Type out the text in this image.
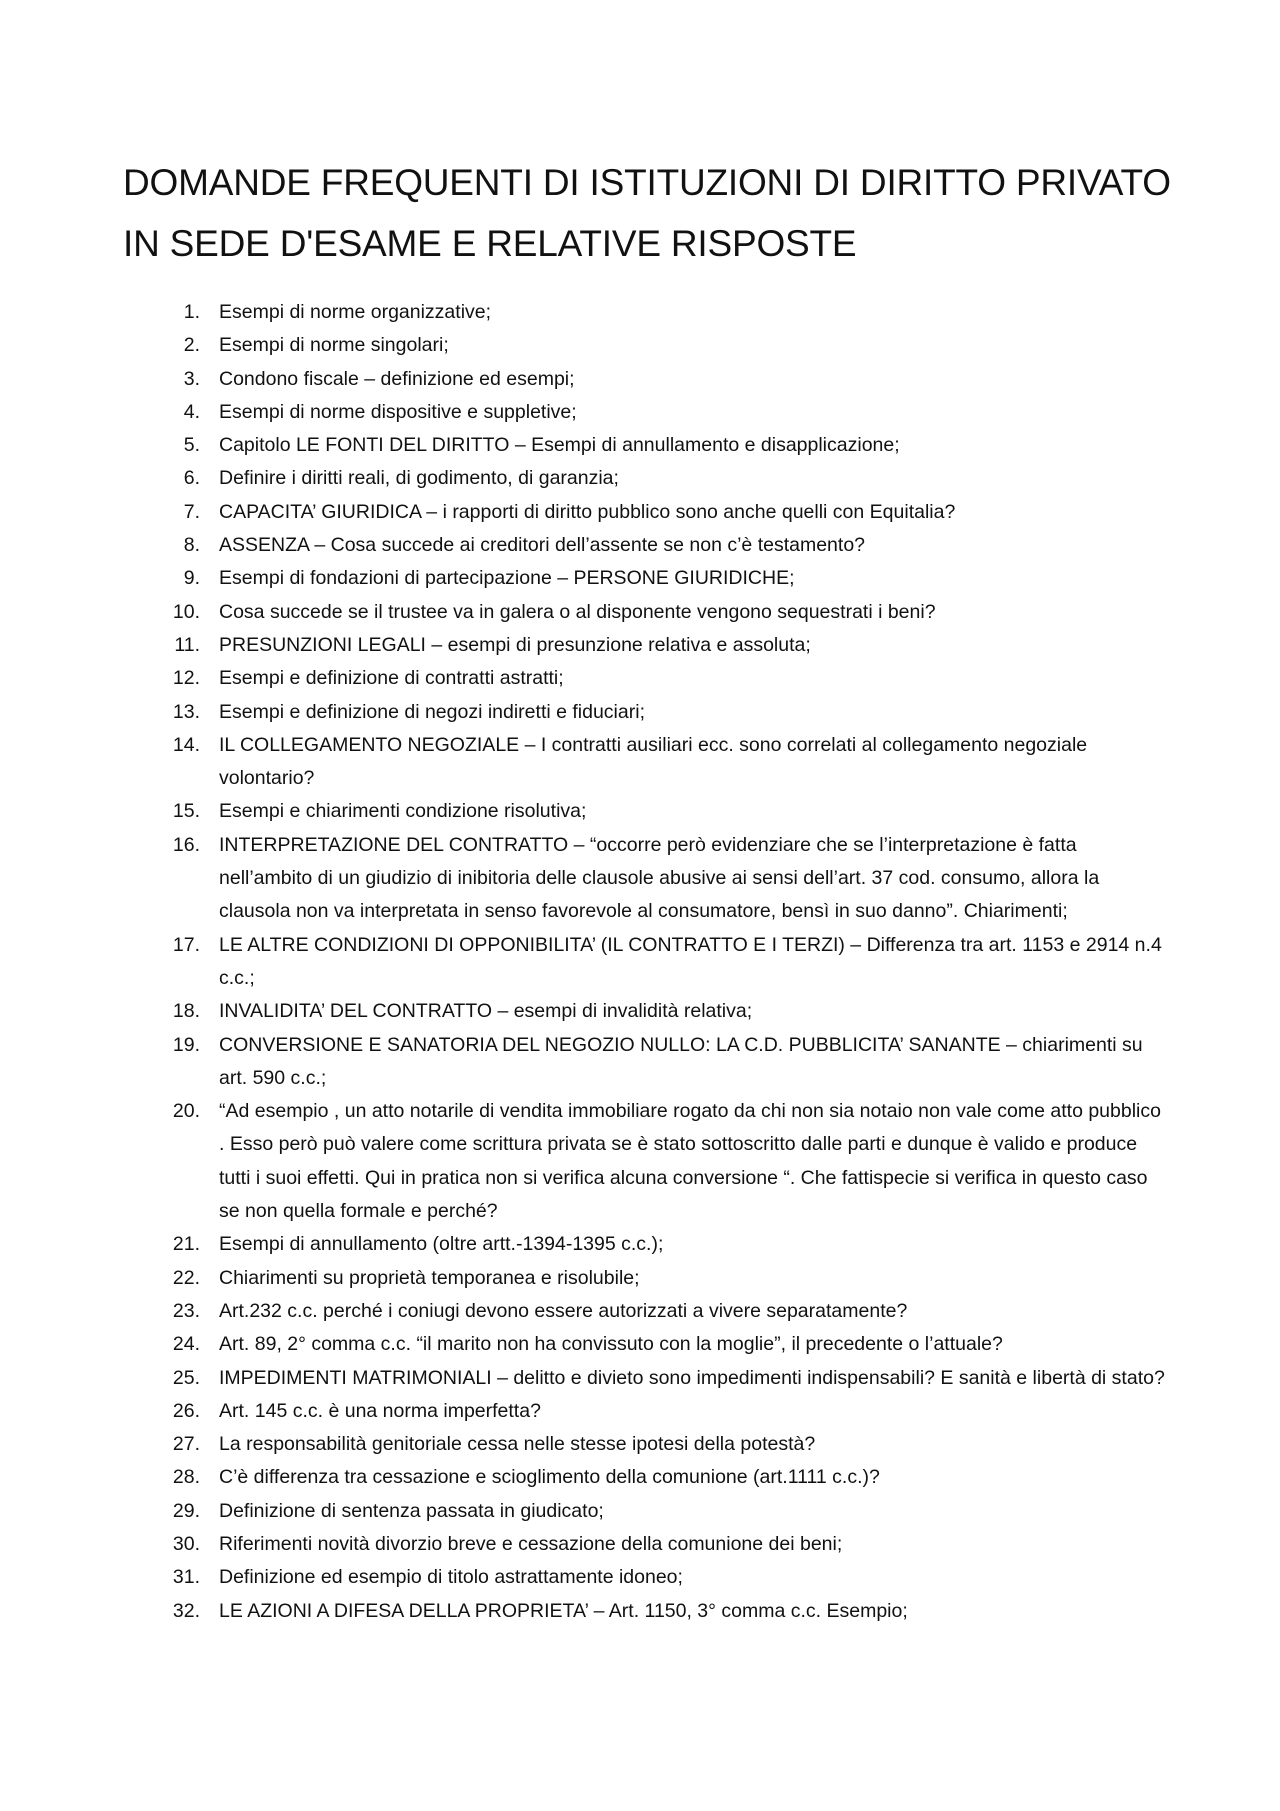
DOMANDE FREQUENTI DI ISTITUZIONI DI DIRITTO PRIVATO
IN SEDE D'ESAME E RELATIVE RISPOSTE
1. Esempi di norme organizzative;
2. Esempi di norme singolari;
3. Condono fiscale – definizione ed esempi;
4. Esempi di norme dispositive e suppletive;
5. Capitolo LE FONTI DEL DIRITTO – Esempi di annullamento e disapplicazione;
6. Definire i diritti reali, di godimento, di garanzia;
7. CAPACITA’ GIURIDICA – i rapporti di diritto pubblico sono anche quelli con Equitalia?
8. ASSENZA – Cosa succede ai creditori dell’assente se non c’è testamento?
9. Esempi di fondazioni di partecipazione – PERSONE GIURIDICHE;
10. Cosa succede se il trustee va in galera o al disponente vengono sequestrati i beni?
11. PRESUNZIONI LEGALI – esempi di presunzione relativa e assoluta;
12. Esempi e definizione di contratti astratti;
13. Esempi e definizione di negozi indiretti e fiduciari;
14. IL COLLEGAMENTO NEGOZIALE – I contratti ausiliari ecc. sono correlati al collegamento negoziale volontario?
15. Esempi e chiarimenti condizione risolutiva;
16. INTERPRETAZIONE DEL CONTRATTO – “occorre però evidenziare che se l’interpretazione è fatta nell’ambito di un giudizio di inibitoria delle clausole abusive ai sensi dell’art. 37 cod. consumo, allora la clausola non va interpretata in senso favorevole al consumatore, bensì in suo danno”. Chiarimenti;
17. LE ALTRE CONDIZIONI DI OPPONIBILITA’ (IL CONTRATTO E I TERZI) – Differenza tra art. 1153 e 2914 n.4 c.c.;
18. INVALIDITA’ DEL CONTRATTO – esempi di invalidità relativa;
19. CONVERSIONE E SANATORIA DEL NEGOZIO NULLO: LA C.D. PUBBLICITA’ SANANTE – chiarimenti su art. 590 c.c.;
20. “Ad esempio , un atto notarile di vendita immobiliare rogato da chi non sia notaio non vale come atto pubblico . Esso però può valere come scrittura privata se è stato sottoscritto dalle parti e dunque è valido e produce tutti i suoi effetti. Qui in pratica non si verifica alcuna conversione “. Che fattispecie si verifica in questo caso se non quella formale e perché?
21. Esempi di annullamento (oltre artt.-1394-1395 c.c.);
22. Chiarimenti su proprietà temporanea e risolubile;
23. Art.232 c.c. perché i coniugi devono essere autorizzati a vivere separatamente?
24. Art. 89, 2° comma c.c. “il marito non ha convissuto con la moglie”, il precedente o l’attuale?
25. IMPEDIMENTI MATRIMONIALI – delitto e divieto sono impedimenti indispensabili? E sanità e libertà di stato?
26. Art. 145 c.c. è una norma imperfetta?
27. La responsabilità genitoriale cessa nelle stesse ipotesi della potestà?
28. C’è differenza tra cessazione e scioglimento della comunione (art.1111 c.c.)?
29. Definizione di sentenza passata in giudicato;
30. Riferimenti novità divorzio breve e cessazione della comunione dei beni;
31. Definizione ed esempio di titolo astrattamente idoneo;
32. LE AZIONI A DIFESA DELLA PROPRIETA’ – Art. 1150, 3° comma c.c. Esempio;
